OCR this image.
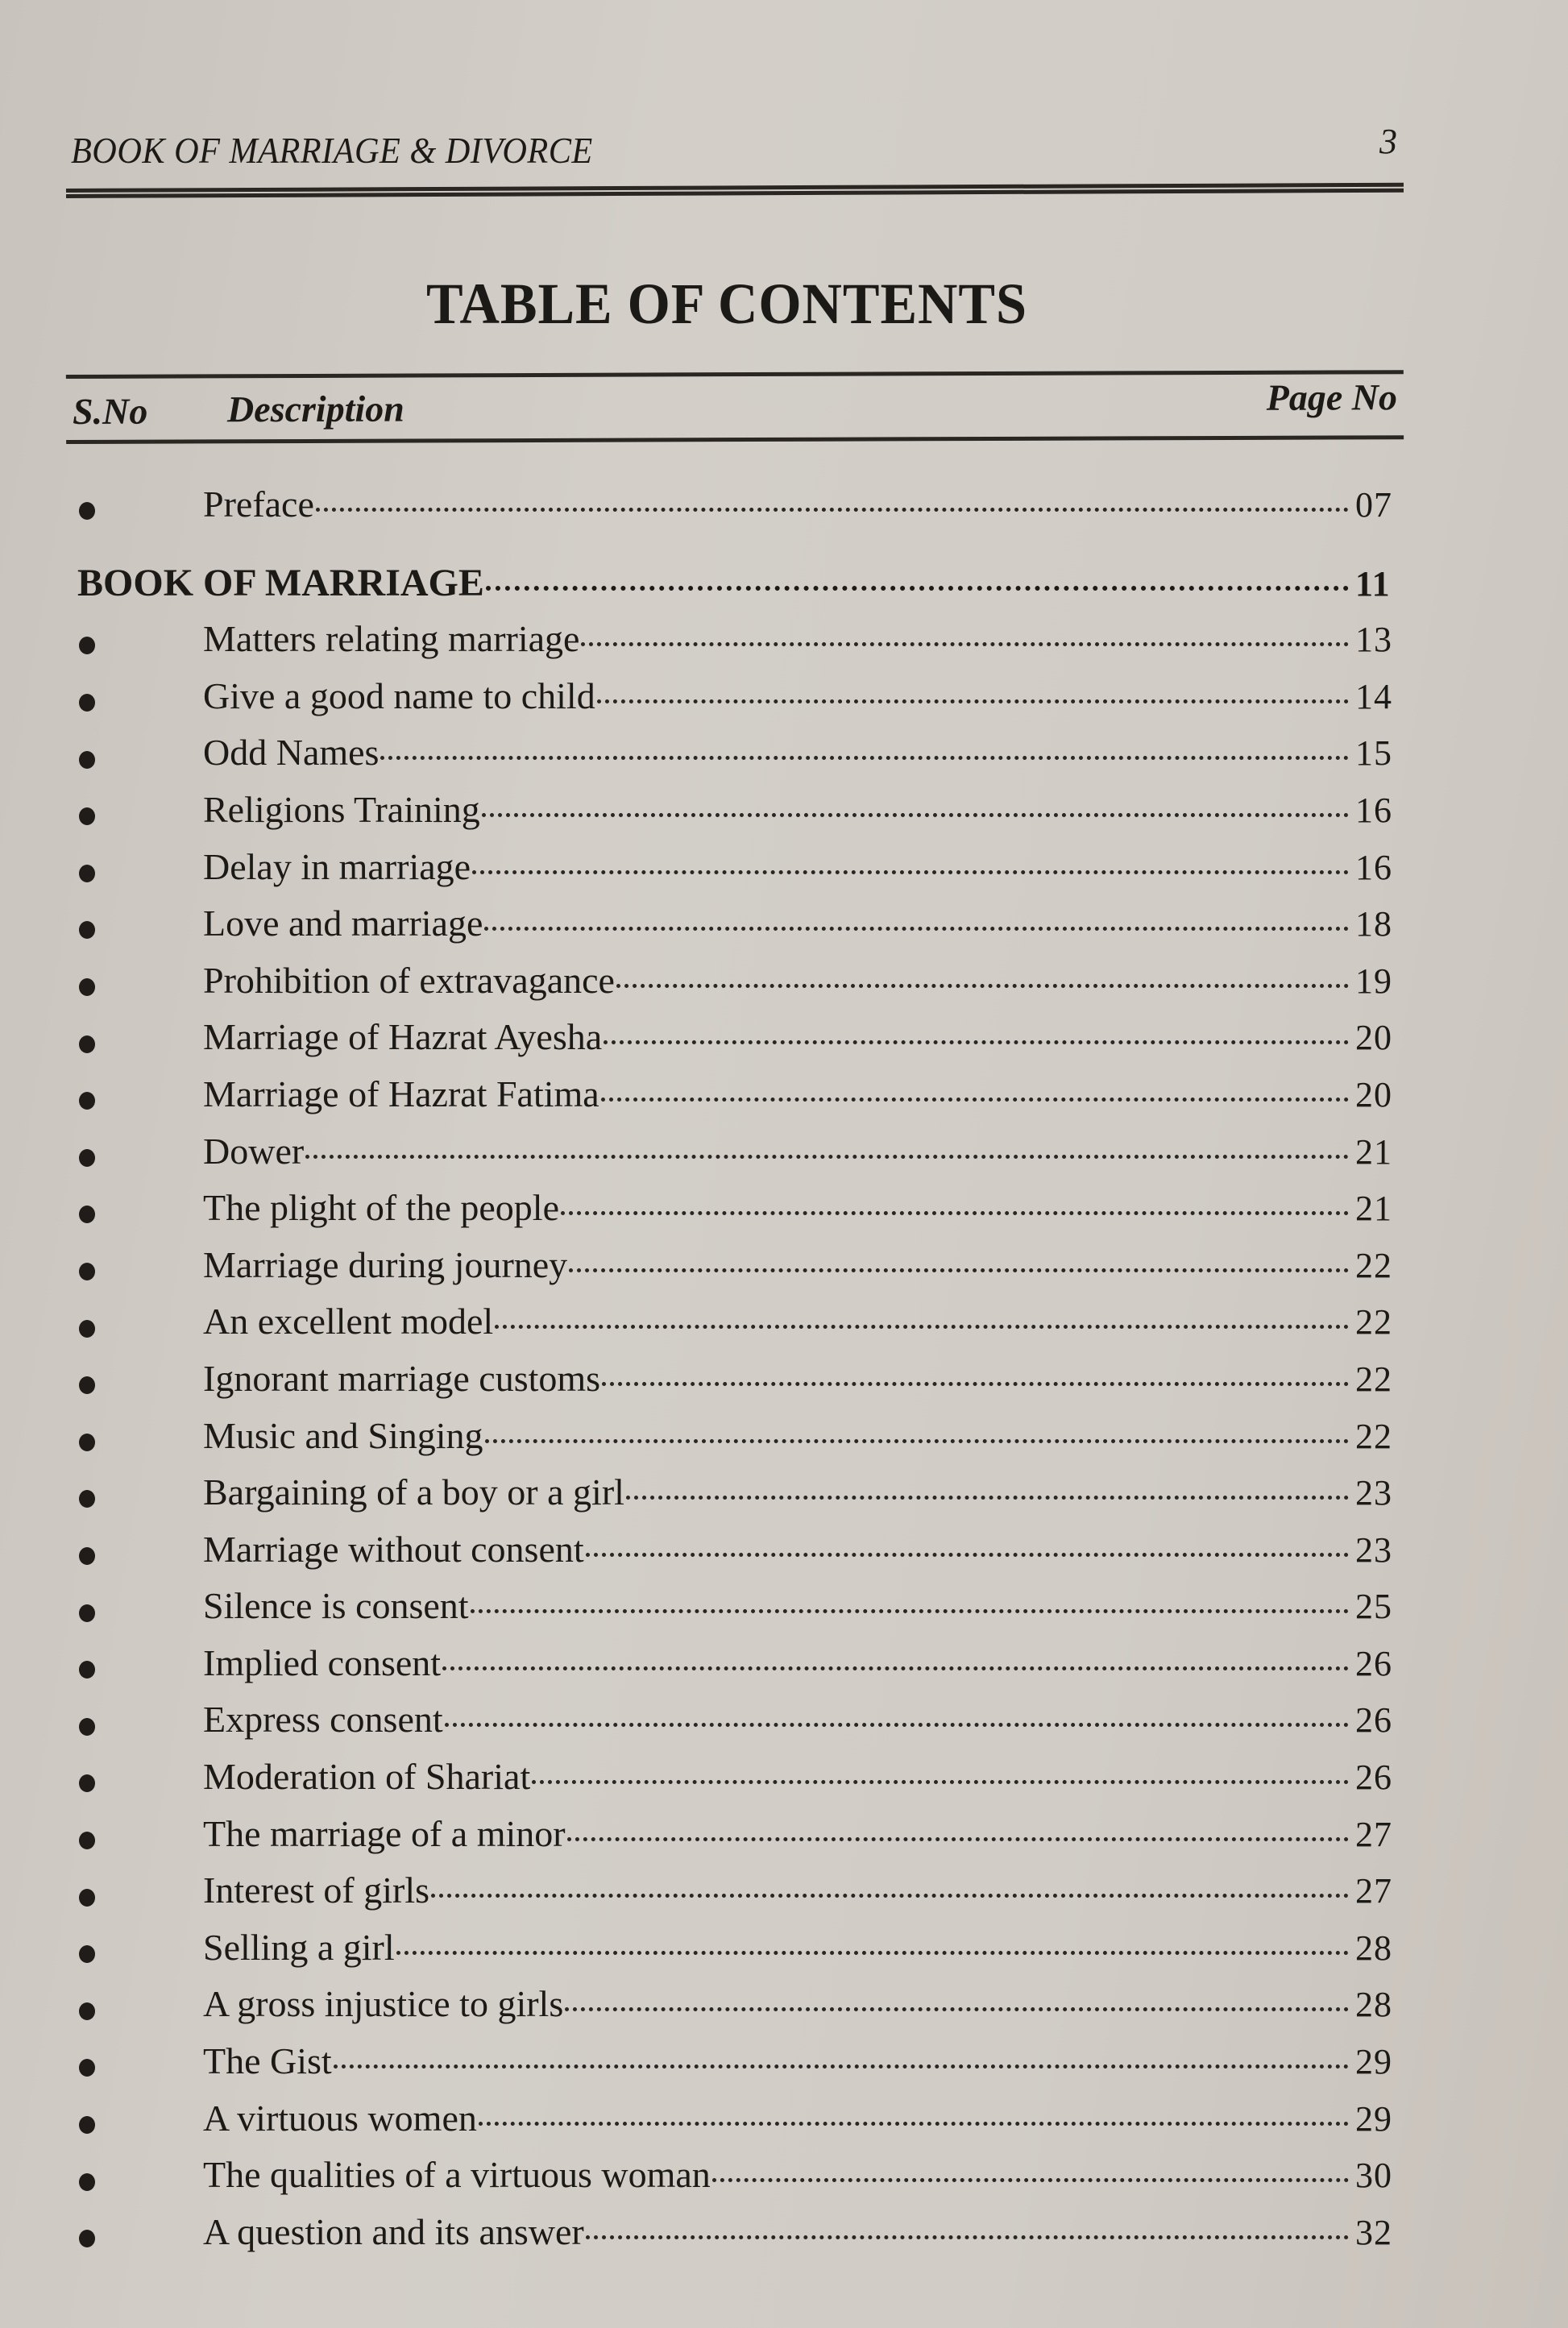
BOOK OF MARRIAGE & DIVORCE	3
TABLE OF CONTENTS
S.No Description	Page No
Preface	07
BOOK OF MARRIAGE	11
Matters relating marriage	13
Give a good name to child	14
Odd Names	15
Religions Training	16
Delay in marriage	16
Love and marriage	18
Prohibition of extravagance	19
Marriage of Hazrat Ayesha	20
Marriage of Hazrat Fatima	20
Dower	21
The plight of the people	21
Marriage during journey	22
An excellent model	22
Ignorant marriage customs	22
Music and Singing	22
Bargaining of a boy or a girl	23
Marriage without consent	23
Silence is consent	25
Implied consent	26
Express consent	26
Moderation of Shariat	26
The marriage of a minor	27
Interest of girls	27
Selling a girl	28
A gross injustice to girls	28
The Gist	29
A virtuous women	29
The qualities of a virtuous woman	30
A question and its answer	32
